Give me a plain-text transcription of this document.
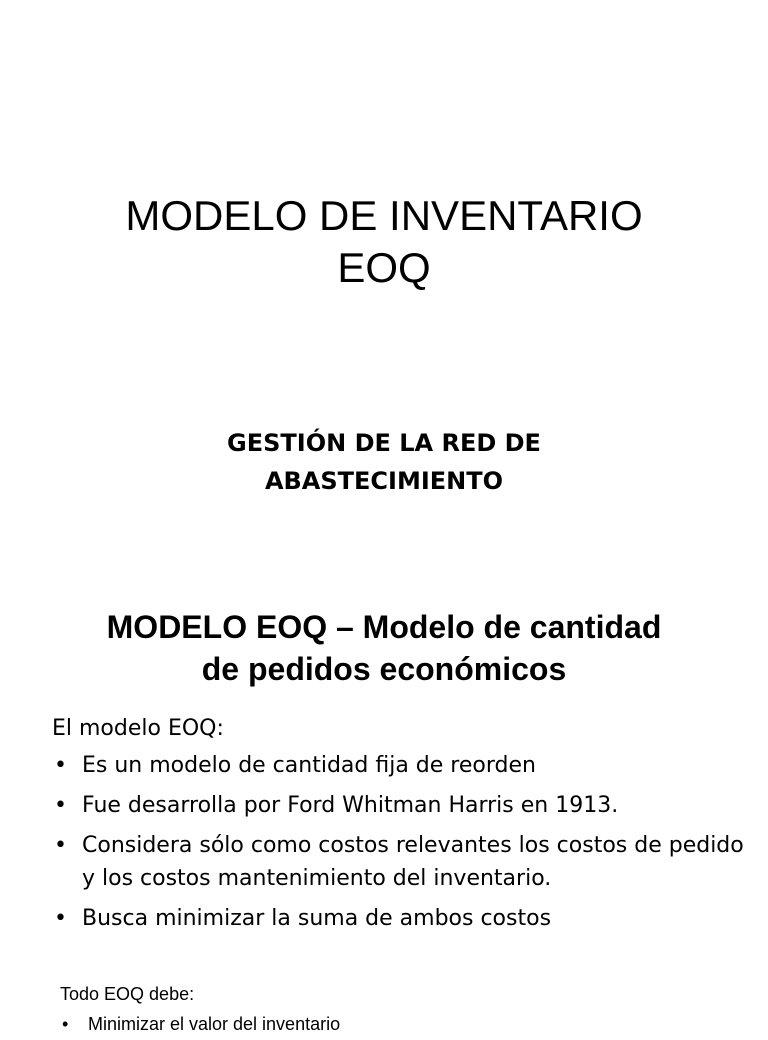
MODELO DE INVENTARIO
EOQ
GESTIÓN DE LA RED DE
ABASTECIMIENTO
MODELO EOQ – Modelo de cantidad
de pedidos económicos

El modelo EOQ:

• Es un modelo de cantidad fija de reorden
• Fue desarrolla por Ford Whitman Harris en 1913.
• Considera sólo como costos relevantes los costos de pedido y los costos mantenimiento del inventario.
• Busca minimizar la suma de ambos costos

Todo EOQ debe:

• Minimizar el valor del inventario
